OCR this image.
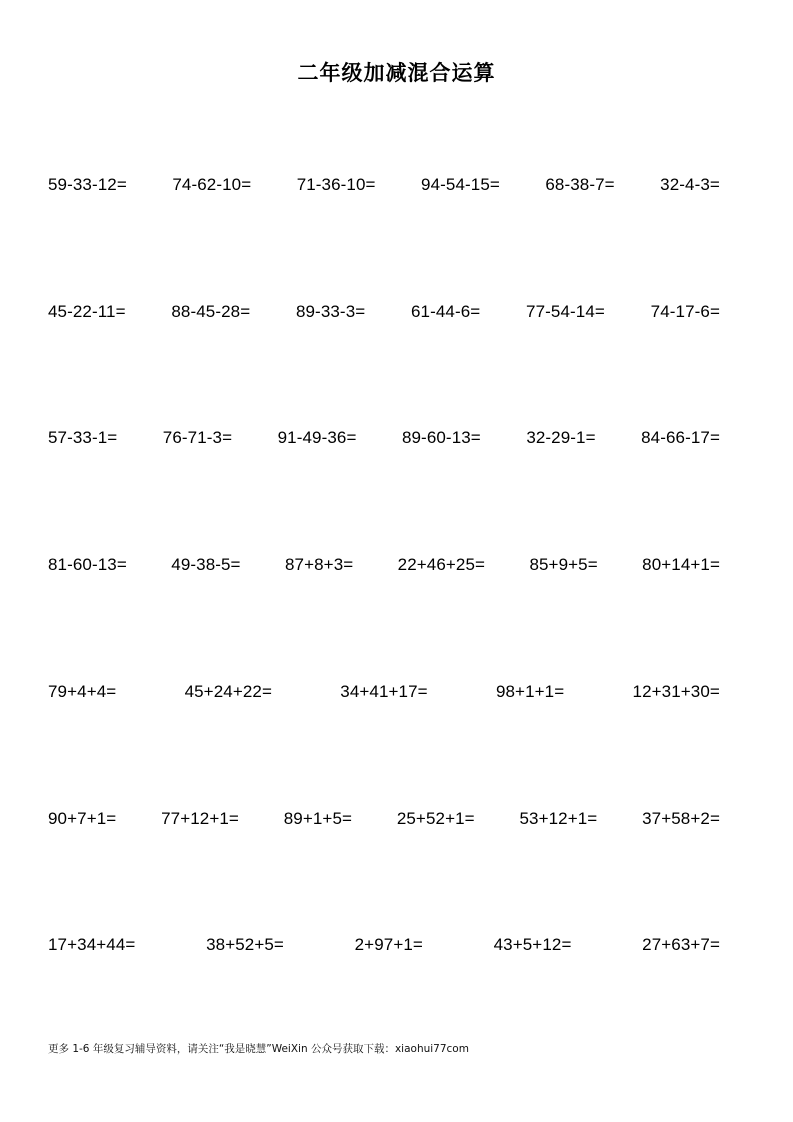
二年级加减混合运算
59-33-12=	74-62-10=	71-36-10=	94-54-15=	68-38-7=	32-4-3=
45-22-11=	88-45-28=	89-33-3=	61-44-6=	77-54-14=	74-17-6=
57-33-1=	76-71-3=	91-49-36=	89-60-13=	32-29-1=	84-66-17=
81-60-13=	49-38-5=	87+8+3=	22+46+25=	85+9+5=	80+14+1=
79+4+4=	45+24+22=	34+41+17=	98+1+1=	12+31+30=
90+7+1=	77+12+1=	89+1+5=	25+52+1=	53+12+1=	37+58+2=
17+34+44=	38+52+5=	2+97+1=	43+5+12=	27+63+7=
更多 1-6 年级复习辅导资料，请关注“我是晓慧”WeiXin 公众号获取下载：xiaohui77com
